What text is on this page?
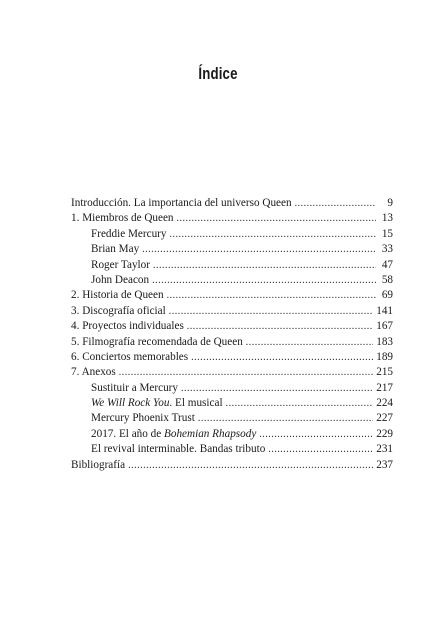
Índice
Introducción. La importancia del universo Queen .....	9
1. Miembros de Queen .....	13
Freddie Mercury .....	15
Brian May .....	33
Roger Taylor .....	47
John Deacon .....	58
2. Historia de Queen .....	69
3. Discografía oficial .....	141
4. Proyectos individuales .....	167
5. Filmografía recomendada de Queen .....	183
6. Conciertos memorables .....	189
7. Anexos .....	215
Sustituir a Mercury .....	217
We Will Rock You. El musical .....	224
Mercury Phoenix Trust .....	227
2017. El año de Bohemian Rhapsody .....	229
El revival interminable. Bandas tributo .....	231
Bibliografía .....	237
